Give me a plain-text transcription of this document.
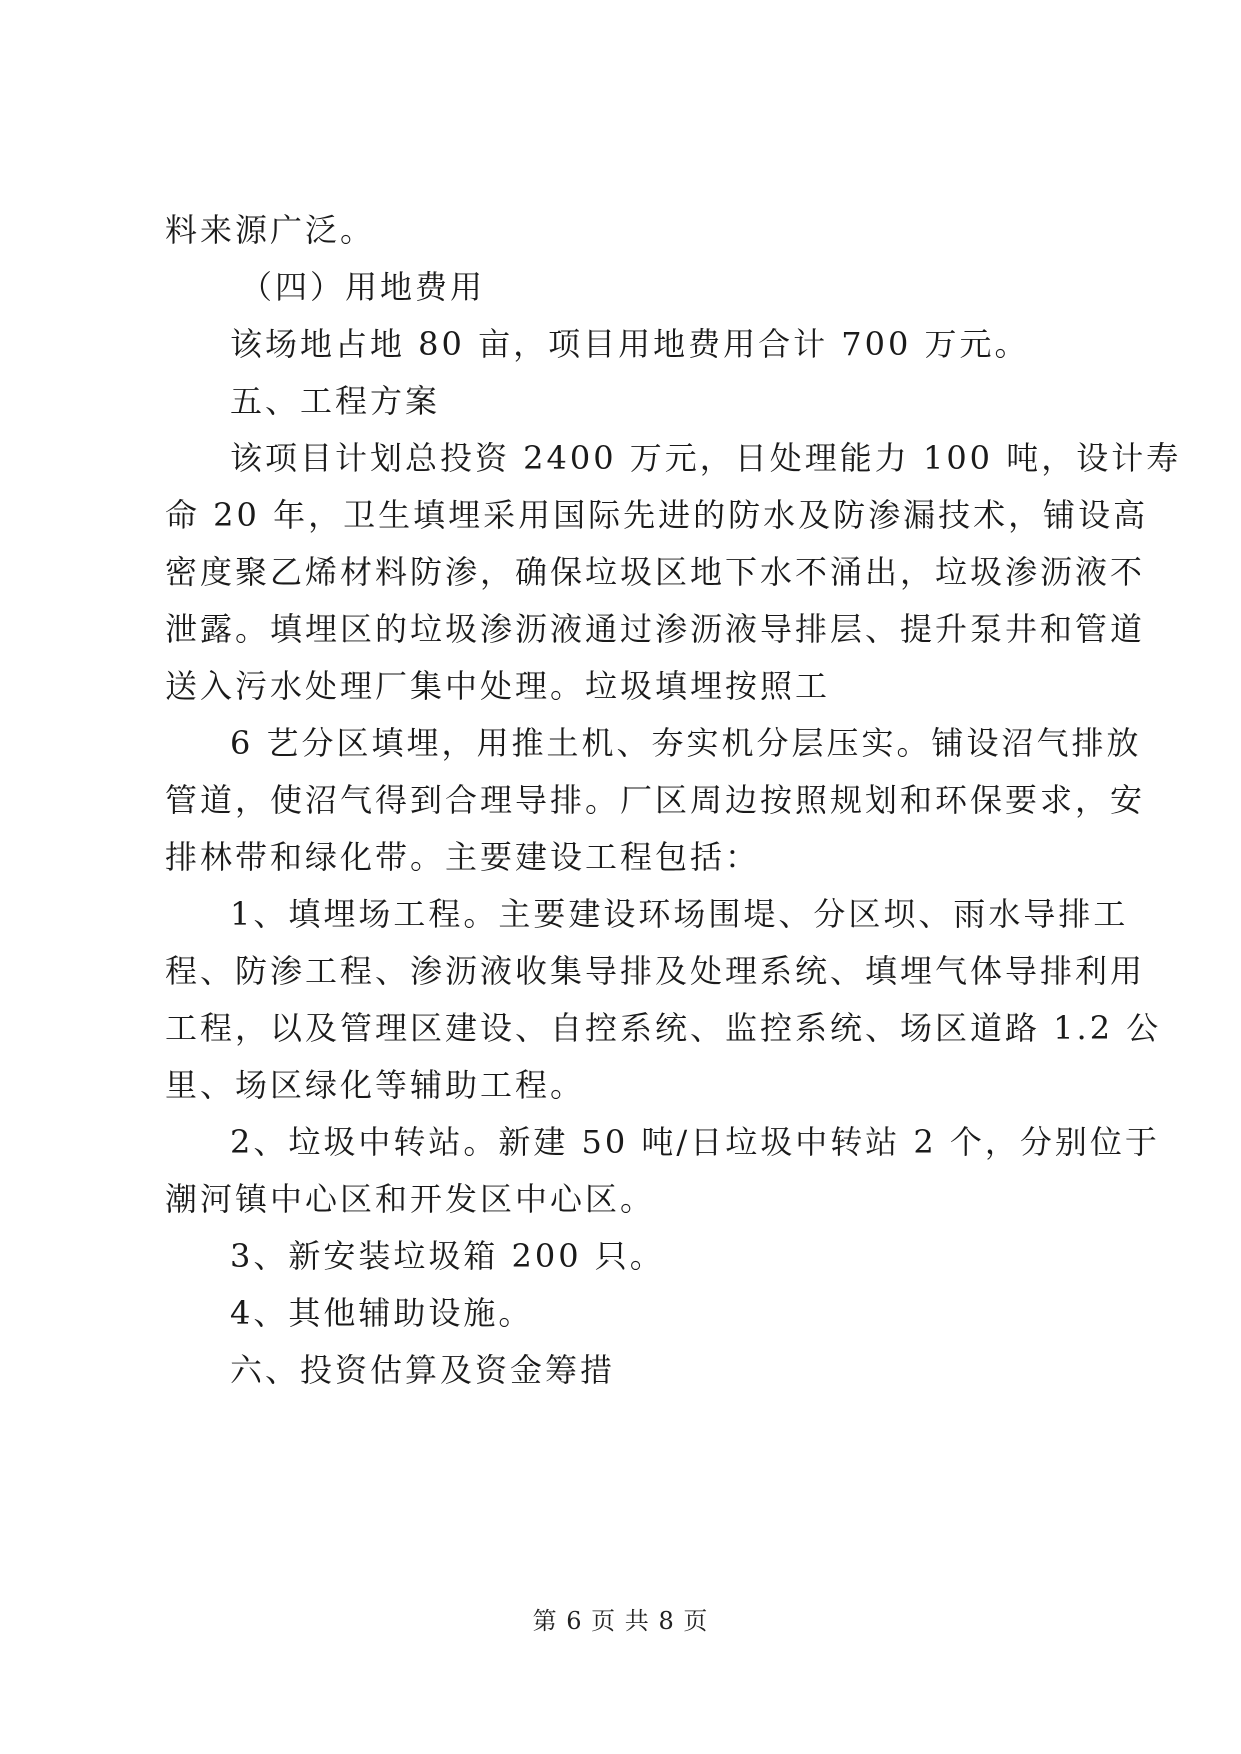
料来源广泛。

（四）用地费用

该场地占地 80 亩，项目用地费用合计 700 万元。

五、工程方案

该项目计划总投资 2400 万元，日处理能力 100 吨，设计寿

命 20 年，卫生填埋采用国际先进的防水及防渗漏技术，铺设高

密度聚乙烯材料防渗，确保垃圾区地下水不涌出，垃圾渗沥液不

泄露。填埋区的垃圾渗沥液通过渗沥液导排层、提升泵井和管道

送入污水处理厂集中处理。垃圾填埋按照工

6 艺分区填埋，用推土机、夯实机分层压实。铺设沼气排放

管道，使沼气得到合理导排。厂区周边按照规划和环保要求，安

排林带和绿化带。主要建设工程包括：

1、填埋场工程。主要建设环场围堤、分区坝、雨水导排工

程、防渗工程、渗沥液收集导排及处理系统、填埋气体导排利用

工程，以及管理区建设、自控系统、监控系统、场区道路 1.2 公

里、场区绿化等辅助工程。

2、垃圾中转站。新建 50 吨/日垃圾中转站 2 个，分别位于

潮河镇中心区和开发区中心区。

3、新安装垃圾箱 200 只。

4、其他辅助设施。

六、投资估算及资金筹措

第 6 页 共 8 页
